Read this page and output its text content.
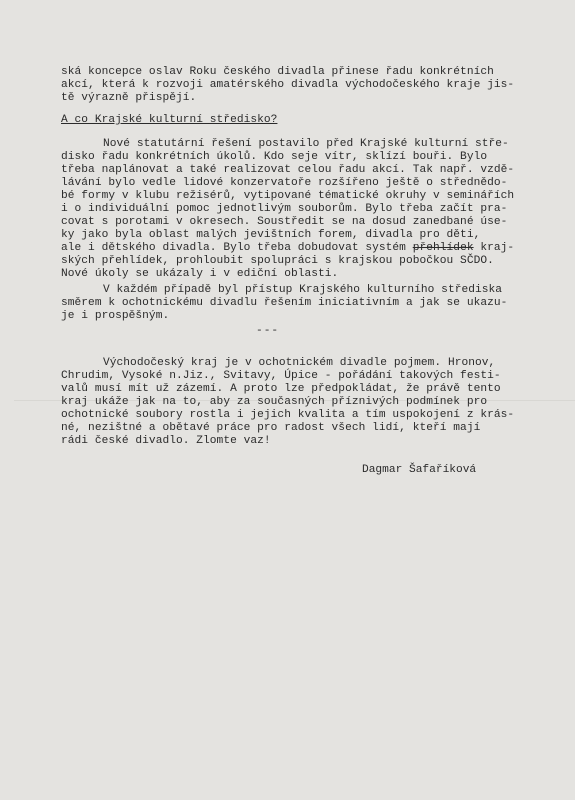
ská koncepce oslav Roku českého divadla přinese řadu konkrétních
akcí, která k rozvoji amatérského divadla východočeského kraje jis-
tě výrazně přispějí.
A co Krajské kulturní středisko?
Nové statutární řešení postavilo před Krajské kulturní stře-
disko řadu konkrétních úkolů. Kdo seje vítr, sklízí bouři. Bylo
třeba naplánovat a také realizovat celou řadu akcí. Tak např. vzdě-
lávání bylo vedle lidové konzervatoře rozšířeno ještě o střednědo-
bé formy v klubu režisérů, vytipované tématické okruhy v seminářích
i o individuální pomoc jednotlivým souborům. Bylo třeba začít pra-
covat s porotami v okresech. Soustředit se na dosud zanedbané úse-
ky jako byla oblast malých jevištních forem, divadla pro děti,
ale i dětského divadla. Bylo třeba dobudovat systém přehlídek kraj-
ských přehlídek, prohloubit spolupráci s krajskou pobočkou SČDO.
Nové úkoly se ukázaly i v ediční oblasti.
V každém případě byl přístup Krajského kulturního střediska
směrem k ochotnickému divadlu řešením iniciativním a jak se ukazu-
je i prospěšným.
---
Východočeský kraj je v ochotnickém divadle pojmem. Hronov,
Chrudim, Vysoké n.Jiz., Svitavy, Úpice - pořádání takových festi-
valů musí mít už zázemí. A proto lze předpokládat, že právě tento
kraj ukáže jak na to, aby za současných příznivých podmínek pro
ochotnické soubory rostla i jejich kvalita a tím uspokojení z krás-
né, nezištné a obětavé práce pro radost všech lidí, kteří mají
rádi české divadlo. Zlomte vaz!
Dagmar Šafaříková
